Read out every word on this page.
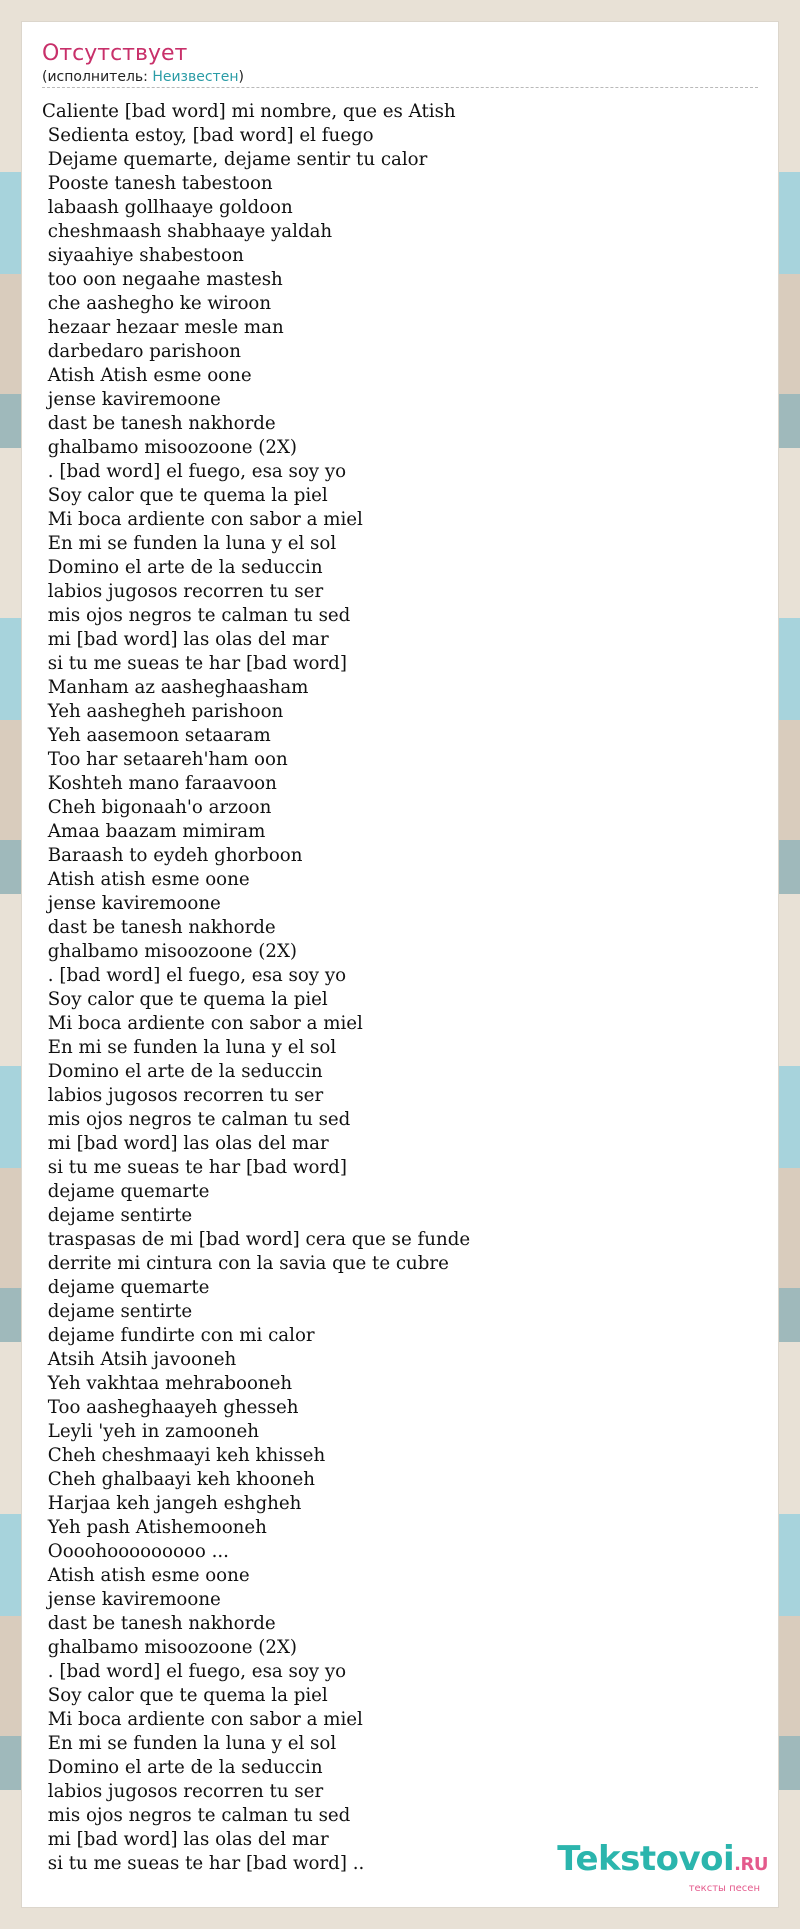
Отсутствует
(исполнитель: Неизвестен)
Caliente [bad word] mi nombre, que es Atish
Sedienta estoy, [bad word] el fuego
Dejame quemarte, dejame sentir tu calor
Pooste tanesh tabestoon
labaash gollhaaye goldoon
cheshmaash shabhaaye yaldah
siyaahiye shabestoon
too oon negaahe mastesh
che aashegho ke wiroon
hezaar hezaar mesle man
darbedaro parishoon
Atish Atish esme oone
jense kaviremoone
dast be tanesh nakhorde
ghalbamo misoozoone (2X)
. [bad word] el fuego, esa soy yo
Soy calor que te quema la piel
Mi boca ardiente con sabor a miel
En mi se funden la luna y el sol
Domino el arte de la seduccin
labios jugosos recorren tu ser
mis ojos negros te calman tu sed
mi [bad word] las olas del mar
si tu me sueas te har [bad word]
Manham az aasheghaasham
Yeh aashegheh parishoon
Yeh aasemoon setaaram
Too har setaareh'ham oon
Koshteh mano faraavoon
Cheh bigonaah'o arzoon
Amaa baazam mimiram
Baraash to eydeh ghorboon
Atish atish esme oone
jense kaviremoone
dast be tanesh nakhorde
ghalbamo misoozoone (2X)
. [bad word] el fuego, esa soy yo
Soy calor que te quema la piel
Mi boca ardiente con sabor a miel
En mi se funden la luna y el sol
Domino el arte de la seduccin
labios jugosos recorren tu ser
mis ojos negros te calman tu sed
mi [bad word] las olas del mar
si tu me sueas te har [bad word]
dejame quemarte
dejame sentirte
traspasas de mi [bad word] cera que se funde
derrite mi cintura con la savia que te cubre
dejame quemarte
dejame sentirte
dejame fundirte con mi calor
Atsih Atsih javooneh
Yeh vakhtaa mehrabooneh
Too aasheghaayeh ghesseh
Leyli 'yeh in zamooneh
Cheh cheshmaayi keh khisseh
Cheh ghalbaayi keh khooneh
Harjaa keh jangeh eshgheh
Yeh pash Atishemooneh
Oooohooooooooo ...
Atish atish esme oone
jense kaviremoone
dast be tanesh nakhorde
ghalbamo misoozoone (2X)
. [bad word] el fuego, esa soy yo
Soy calor que te quema la piel
Mi boca ardiente con sabor a miel
En mi se funden la luna y el sol
Domino el arte de la seduccin
labios jugosos recorren tu ser
mis ojos negros te calman tu sed
mi [bad word] las olas del mar
si tu me sueas te har [bad word] ..	Tekstovoi.RU
тексты песен
